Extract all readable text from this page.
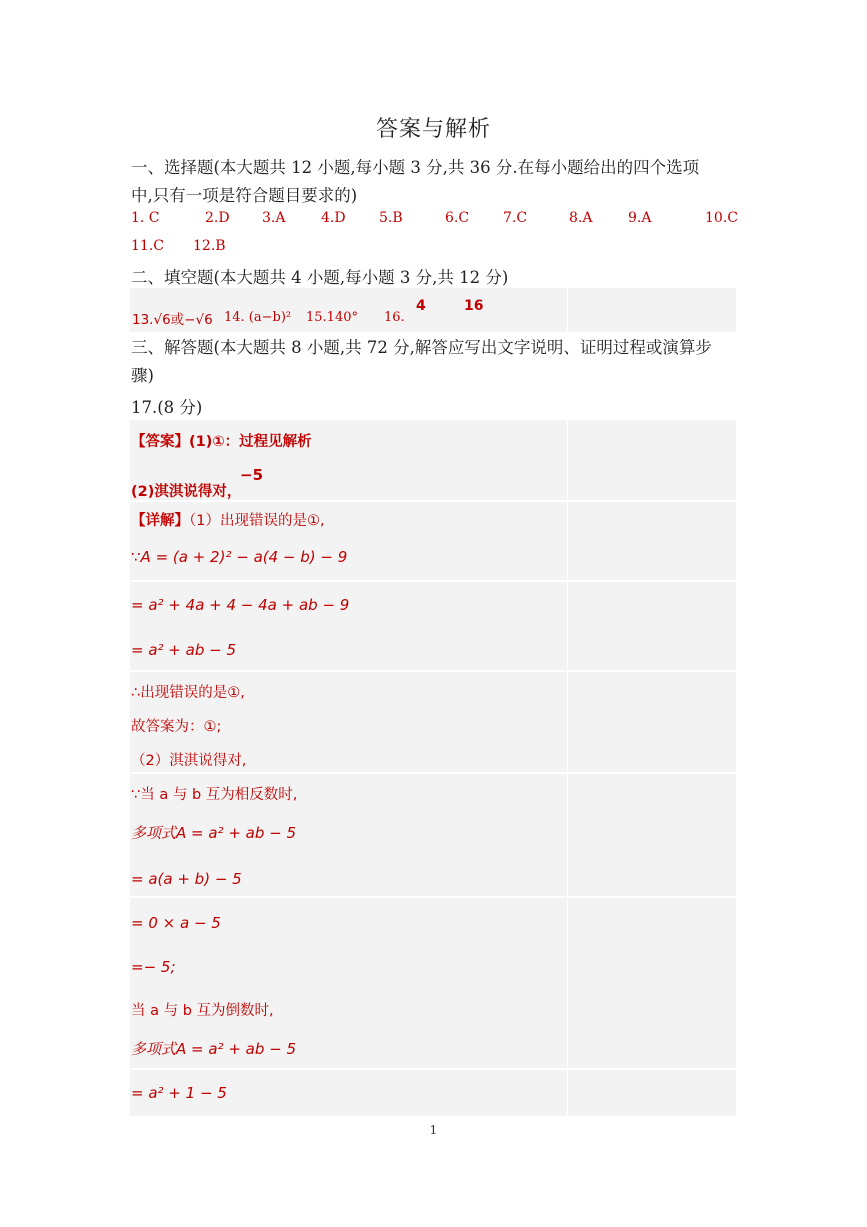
答案与解析
一、选择题(本大题共 12 小题,每小题 3 分,共 36 分.在每小题给出的四个选项
中,只有一项是符合题目要求的)
1. C	2.D 3.A	4.D 5.B	6.C 7.C	8.A	9.A	10.C
11.C 12.B
二、填空题(本大题共 4 小题,每小题 3 分,共 12 分)
13.√6或−√6 14. (a−b)² 15.140° 16.
4	16
三、解答题(本大题共 8 小题,共 72 分,解答应写出文字说明、证明过程或演算步
骤)
17.(8 分)
【答案】(1)①：过程见解析
(2)淇淇说得对，
−5
【详解】（1）出现错误的是①,
∵A = (a + 2)² − a(4 − b) − 9
= a² + 4a + 4 − 4a + ab − 9
= a² + ab − 5
∴出现错误的是①,
故答案为：①;
（2）淇淇说得对,
∵当 a 与 b 互为相反数时,
多项式A = a² + ab − 5
= a(a + b) − 5
= 0 × a − 5
=− 5;
当 a 与 b 互为倒数时,
多项式A = a² + ab − 5
= a² + 1 − 5
1
